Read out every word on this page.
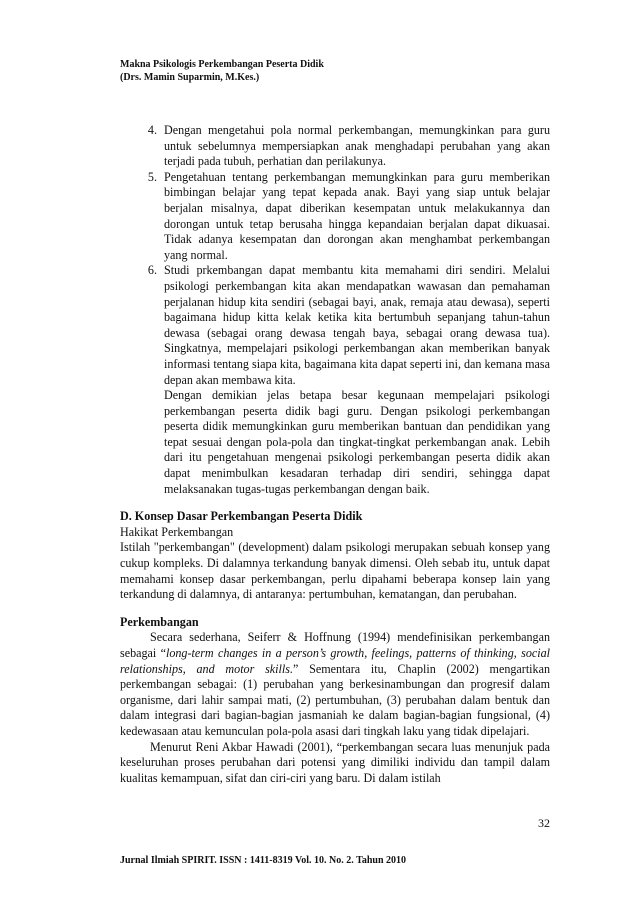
Makna Psikologis Perkembangan Peserta Didik
(Drs. Mamin Suparmin, M.Kes.)
4. Dengan mengetahui pola normal perkembangan, memungkinkan para guru untuk sebelumnya mempersiapkan anak menghadapi perubahan yang akan terjadi pada tubuh, perhatian dan perilakunya.
5. Pengetahuan tentang perkembangan memungkinkan para guru memberikan bimbingan belajar yang tepat kepada anak. Bayi yang siap untuk belajar berjalan misalnya, dapat diberikan kesempatan untuk melakukannya dan dorongan untuk tetap berusaha hingga kepandaian berjalan dapat dikuasai. Tidak adanya kesempatan dan dorongan akan menghambat perkembangan yang normal.
6. Studi prkembangan dapat membantu kita memahami diri sendiri. Melalui psikologi perkembangan kita akan mendapatkan wawasan dan pemahaman perjalanan hidup kita sendiri (sebagai bayi, anak, remaja atau dewasa), seperti bagaimana hidup kitta kelak ketika kita bertumbuh sepanjang tahun-tahun dewasa (sebagai orang dewasa tengah baya, sebagai orang dewasa tua). Singkatnya, mempelajari psikologi perkembangan akan memberikan banyak informasi tentang siapa kita, bagaimana kita dapat seperti ini, dan kemana masa depan akan membawa kita.

Dengan demikian jelas betapa besar kegunaan mempelajari psikologi perkembangan peserta didik bagi guru. Dengan psikologi perkembangan peserta didik memungkinkan guru memberikan bantuan dan pendidikan yang tepat sesuai dengan pola-pola dan tingkat-tingkat perkembangan anak. Lebih dari itu pengetahuan mengenai psikologi perkembangan peserta didik akan dapat menimbulkan kesadaran terhadap diri sendiri, sehingga dapat melaksanakan tugas-tugas perkembangan dengan baik.

D. Konsep Dasar Perkembangan Peserta Didik
Hakikat Perkembangan

Istilah "perkembangan" (development) dalam psikologi merupakan sebuah konsep yang cukup kompleks. Di dalamnya terkandung banyak dimensi. Oleh sebab itu, untuk dapat memahami konsep dasar perkembangan, perlu dipahami beberapa konsep lain yang terkandung di dalamnya, di antaranya: pertumbuhan, kematangan, dan perubahan.

Perkembangan

Secara sederhana, Seiferr & Hoffnung (1994) mendefinisikan perkembangan sebagai “long-term changes in a person’s growth, feelings, patterns of thinking, social relationships, and motor skills.” Sementara itu, Chaplin (2002) mengartikan perkembangan sebagai: (1) perubahan yang berkesinambungan dan progresif dalam organisme, dari lahir sampai mati, (2) pertumbuhan, (3) perubahan dalam bentuk dan dalam integrasi dari bagian-bagian jasmaniah ke dalam bagian-bagian fungsional, (4) kedewasaan atau kemunculan pola-pola asasi dari tingkah laku yang tidak dipelajari.

Menurut Reni Akbar Hawadi (2001), “perkembangan secara luas menunjuk pada keseluruhan proses perubahan dari potensi yang dimiliki individu dan tampil dalam kualitas kemampuan, sifat dan ciri-ciri yang baru. Di dalam istilah

32
Jurnal Ilmiah SPIRIT. ISSN : 1411-8319 Vol. 10. No. 2. Tahun 2010
